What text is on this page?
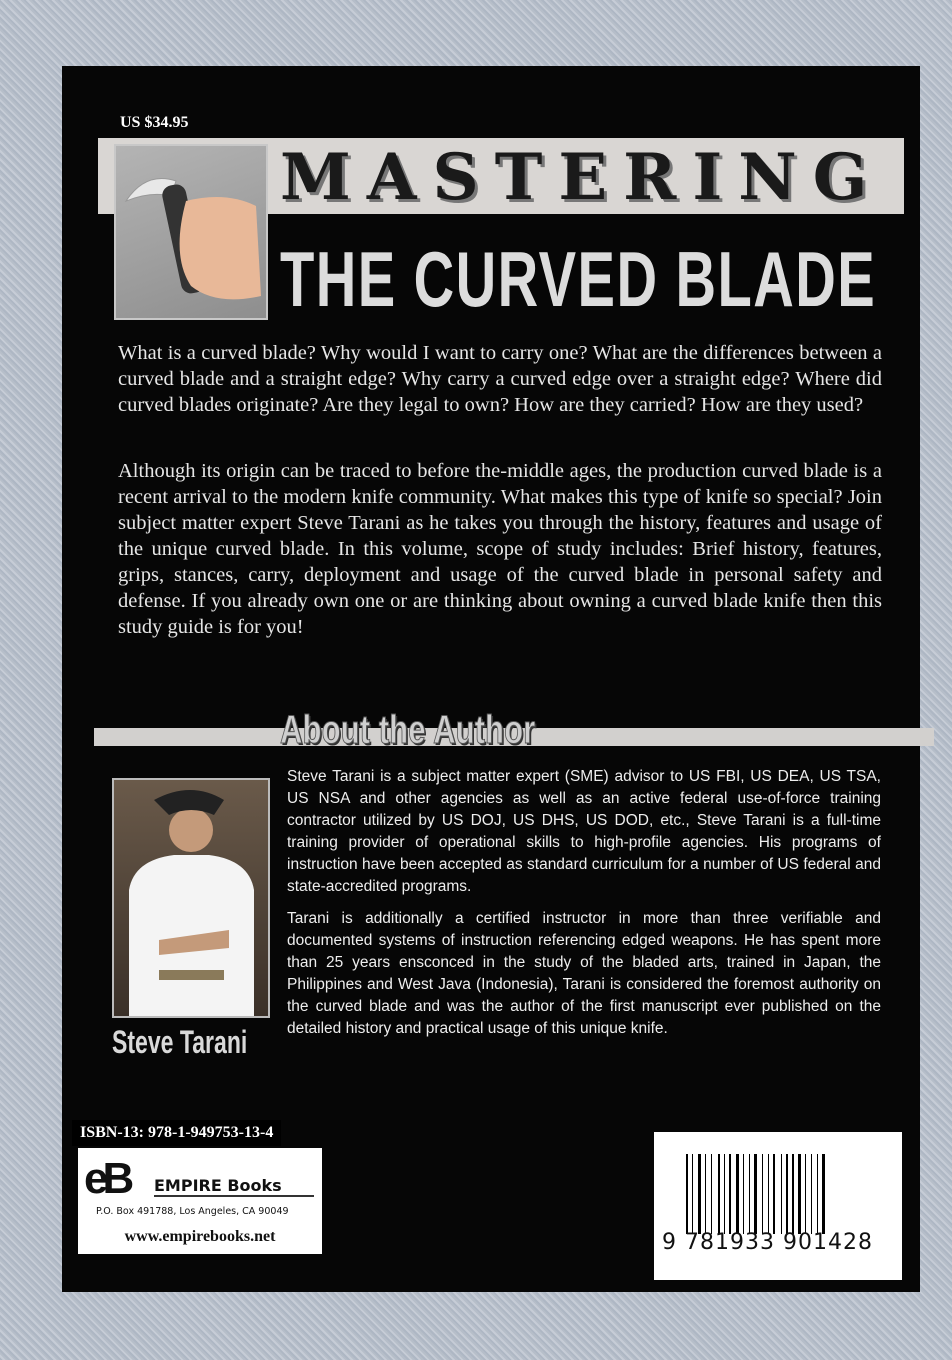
US $34.95
MASTERING
THE CURVED BLADE
What is a curved blade? Why would I want to carry one? What are the differences between a curved blade and a straight edge? Why carry a curved edge over a straight edge? Where did curved blades originate? Are they legal to own? How are they carried? How are they used?
Although its origin can be traced to before the-middle ages, the production curved blade is a recent arrival to the modern knife community. What makes this type of knife so special? Join subject matter expert Steve Tarani as he takes you through the history, features and usage of the unique curved blade. In this volume, scope of study includes: Brief history, features, grips, stances, carry, deployment and usage of the curved blade in personal safety and defense. If you already own one or are thinking about owning a curved blade knife then this study guide is for you!
About the Author
Steve Tarani
Steve Tarani is a subject matter expert (SME) advisor to US FBI, US DEA, US TSA, US NSA and other agencies as well as an active federal use-of-force training contractor utilized by US DOJ, US DHS, US DOD, etc., Steve Tarani is a full-time training provider of operational skills to high-profile agencies. His programs of instruction have been accepted as standard curriculum for a number of US federal and state-accredited programs.
Tarani is additionally a certified instructor in more than three verifiable and documented systems of instruction referencing edged weapons. He has spent more than 25 years ensconced in the study of the bladed arts, trained in Japan, the Philippines and West Java (Indonesia), Tarani is considered the foremost authority on the curved blade and was the author of the first manuscript ever published on the detailed history and practical usage of this unique knife.
ISBN-13: 978-1-949753-13-4
eB EMPIRE Books
P.O. Box 491788, Los Angeles, CA 90049
www.empirebooks.net	9 781933 901428
